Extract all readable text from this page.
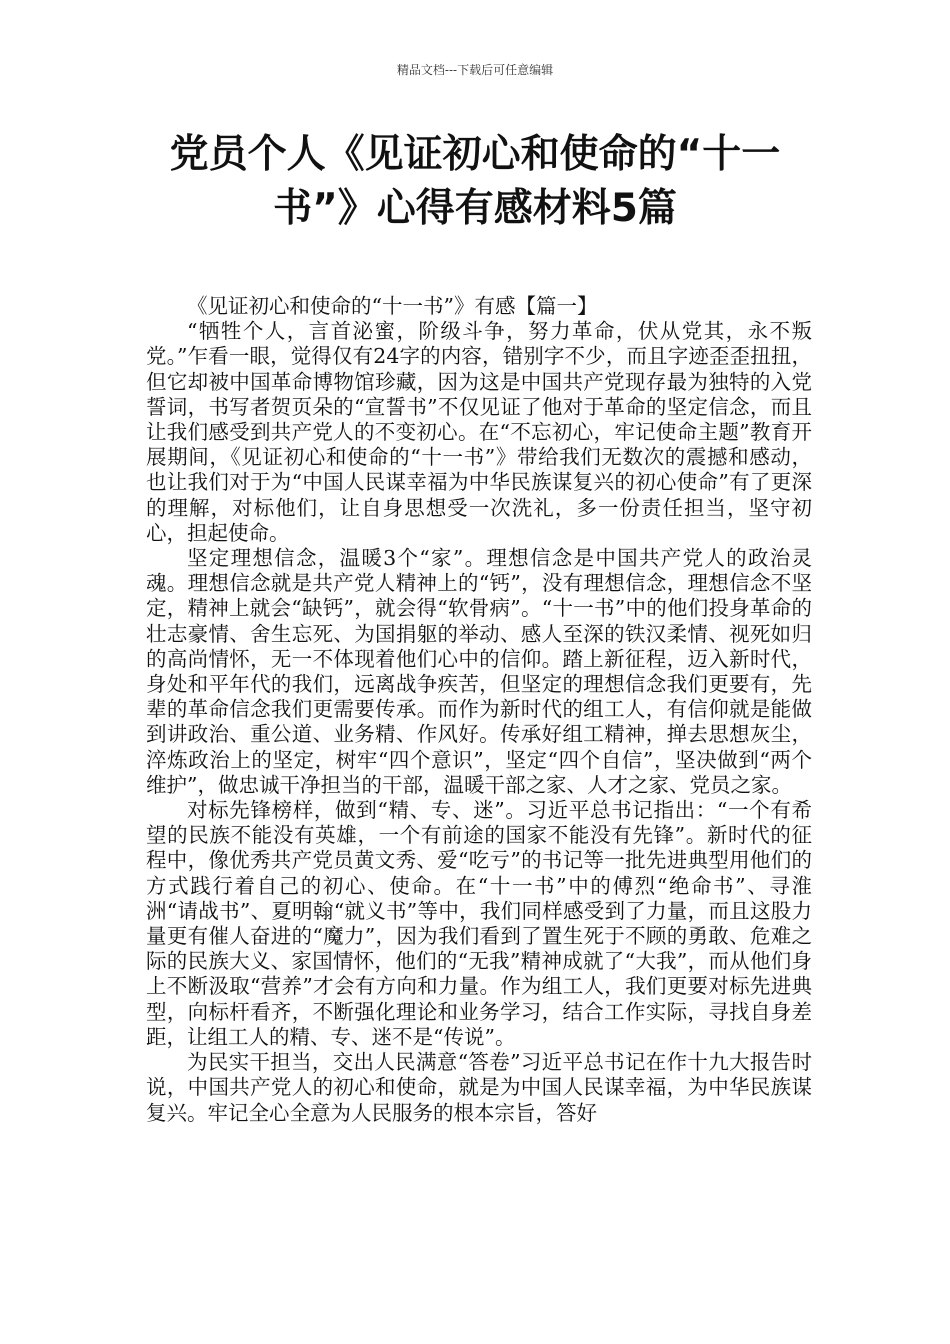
精品文档---下载后可任意编辑
党员个人《见证初心和使命的“十一
书”》心得有感材料5篇

《见证初心和使命的“十一书”》有感【篇一】

“牺牲个人，言首泌蜜，阶级斗争，努力革命，伏从党其，永不叛党。”乍看一眼，觉得仅有24字的内容，错别字不少，而且字迹歪歪扭扭，但它却被中国革命博物馆珍藏，因为这是中国共产党现存最为独特的入党誓词，书写者贺页朵的“宣誓书”不仅见证了他对于革命的坚定信念，而且让我们感受到共产党人的不变初心。在“不忘初心，牢记使命主题”教育开展期间，《见证初心和使命的“十一书”》带给我们无数次的震撼和感动，也让我们对于为“中国人民谋幸福为中华民族谋复兴的初心使命”有了更深的理解，对标他们，让自身思想受一次洗礼，多一份责任担当，坚守初心，担起使命。

坚定理想信念，温暖3个“家”。理想信念是中国共产党人的政治灵魂。理想信念就是共产党人精神上的“钙”，没有理想信念，理想信念不坚定，精神上就会“缺钙”，就会得“软骨病”。“十一书”中的他们投身革命的壮志豪情、舍生忘死、为国捐躯的举动、感人至深的铁汉柔情、视死如归的高尚情怀，无一不体现着他们心中的信仰。踏上新征程，迈入新时代，身处和平年代的我们，远离战争疾苦，但坚定的理想信念我们更要有，先辈的革命信念我们更需要传承。而作为新时代的组工人，有信仰就是能做到讲政治、重公道、业务精、作风好。传承好组工精神，掸去思想灰尘，淬炼政治上的坚定，树牢“四个意识”，坚定“四个自信”，坚决做到“两个维护”，做忠诚干净担当的干部，温暖干部之家、人才之家、党员之家。

对标先锋榜样，做到“精、专、迷”。习近平总书记指出：“一个有希望的民族不能没有英雄，一个有前途的国家不能没有先锋”。新时代的征程中，像优秀共产党员黄文秀、爱“吃亏”的书记等一批先进典型用他们的方式践行着自己的初心、使命。在“十一书”中的傅烈“绝命书”、寻淮洲“请战书”、夏明翰“就义书”等中，我们同样感受到了力量，而且这股力量更有催人奋进的“魔力”，因为我们看到了置生死于不顾的勇敢、危难之际的民族大义、家国情怀，他们的“无我”精神成就了“大我”，而从他们身上不断汲取“营养”才会有方向和力量。作为组工人，我们更要对标先进典型，向标杆看齐，不断强化理论和业务学习，结合工作实际，寻找自身差距，让组工人的精、专、迷不是“传说”。

为民实干担当，交出人民满意“答卷”习近平总书记在作十九大报告时说，中国共产党人的初心和使命，就是为中国人民谋幸福，为中华民族谋复兴。牢记全心全意为人民服务的根本宗旨，答好
